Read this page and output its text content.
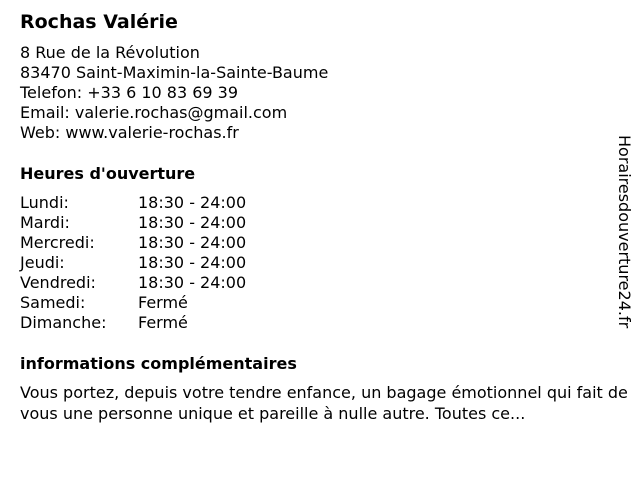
Rochas Valérie
8 Rue de la Révolution
83470 Saint-Maximin-la-Sainte-Baume
Telefon: +33 6 10 83 69 39
Email: valerie.rochas@gmail.com
Web: www.valerie-rochas.fr
Heures d'ouverture
Lundi:	18:30 - 24:00
Mardi:	18:30 - 24:00
Mercredi:	18:30 - 24:00
Jeudi:	18:30 - 24:00
Vendredi:	18:30 - 24:00
Samedi:	Fermé
Dimanche: Fermé
informations complémentaires
Vous portez, depuis votre tendre enfance, un bagage émotionnel qui fait de vous une personne unique et pareille à nulle autre. Toutes ce...
Horairesdouverture24.fr
